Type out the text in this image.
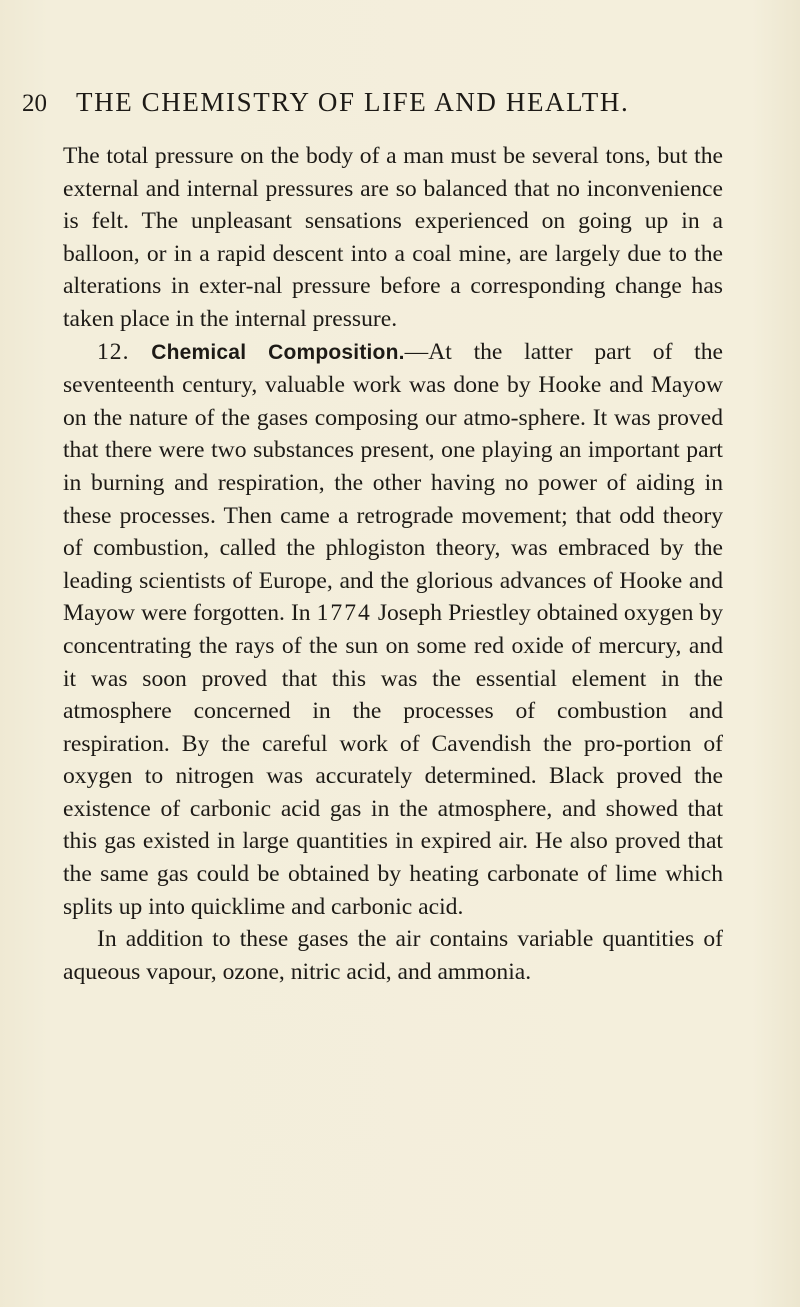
20 THE CHEMISTRY OF LIFE AND HEALTH.

The total pressure on the body of a man must be several tons, but the external and internal pressures are so balanced that no inconvenience is felt. The unpleasant sensations experienced on going up in a balloon, or in a rapid descent into a coal mine, are largely due to the alterations in exter-nal pressure before a corresponding change has taken place in the internal pressure.

12. Chemical Composition.—At the latter part of the seventeenth century, valuable work was done by Hooke and Mayow on the nature of the gases composing our atmo-sphere. It was proved that there were two substances present, one playing an important part in burning and respiration, the other having no power of aiding in these processes. Then came a retrograde movement; that odd theory of combustion, called the phlogiston theory, was embraced by the leading scientists of Europe, and the glorious advances of Hooke and Mayow were forgotten. In 1774 Joseph Priestley obtained oxygen by concentrating the rays of the sun on some red oxide of mercury, and it was soon proved that this was the essential element in the atmosphere concerned in the processes of combustion and respiration. By the careful work of Cavendish the pro-portion of oxygen to nitrogen was accurately determined. Black proved the existence of carbonic acid gas in the atmosphere, and showed that this gas existed in large quantities in expired air. He also proved that the same gas could be obtained by heating carbonate of lime which splits up into quicklime and carbonic acid.

In addition to these gases the air contains variable quantities of aqueous vapour, ozone, nitric acid, and ammonia.
